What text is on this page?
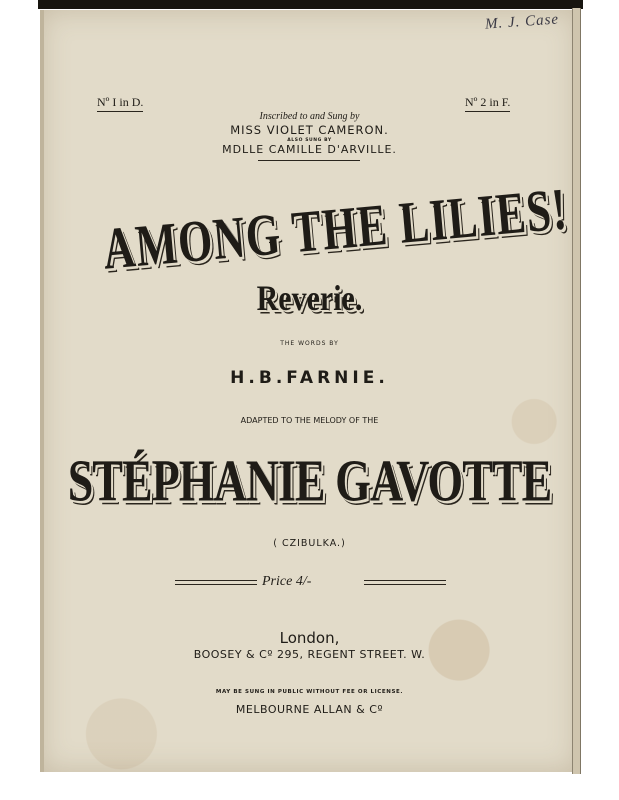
M. J. Case
Nº I in D.	Nº 2 in F.
Inscribed to and Sung by
MISS VIOLET CAMERON.
ALSO SUNG BY
MDLLE CAMILLE D'ARVILLE.
AMONG THE LILIES!
Reverie.
THE WORDS BY
H.B.FARNIE.
ADAPTED TO THE MELODY OF THE
STÉPHANIE GAVOTTE
( CZIBULKA.)
Price 4/-
London,
BOOSEY & Cº 295, REGENT STREET. W.
MAY BE SUNG IN PUBLIC WITHOUT FEE OR LICENSE.
MELBOURNE ALLAN & Cº
